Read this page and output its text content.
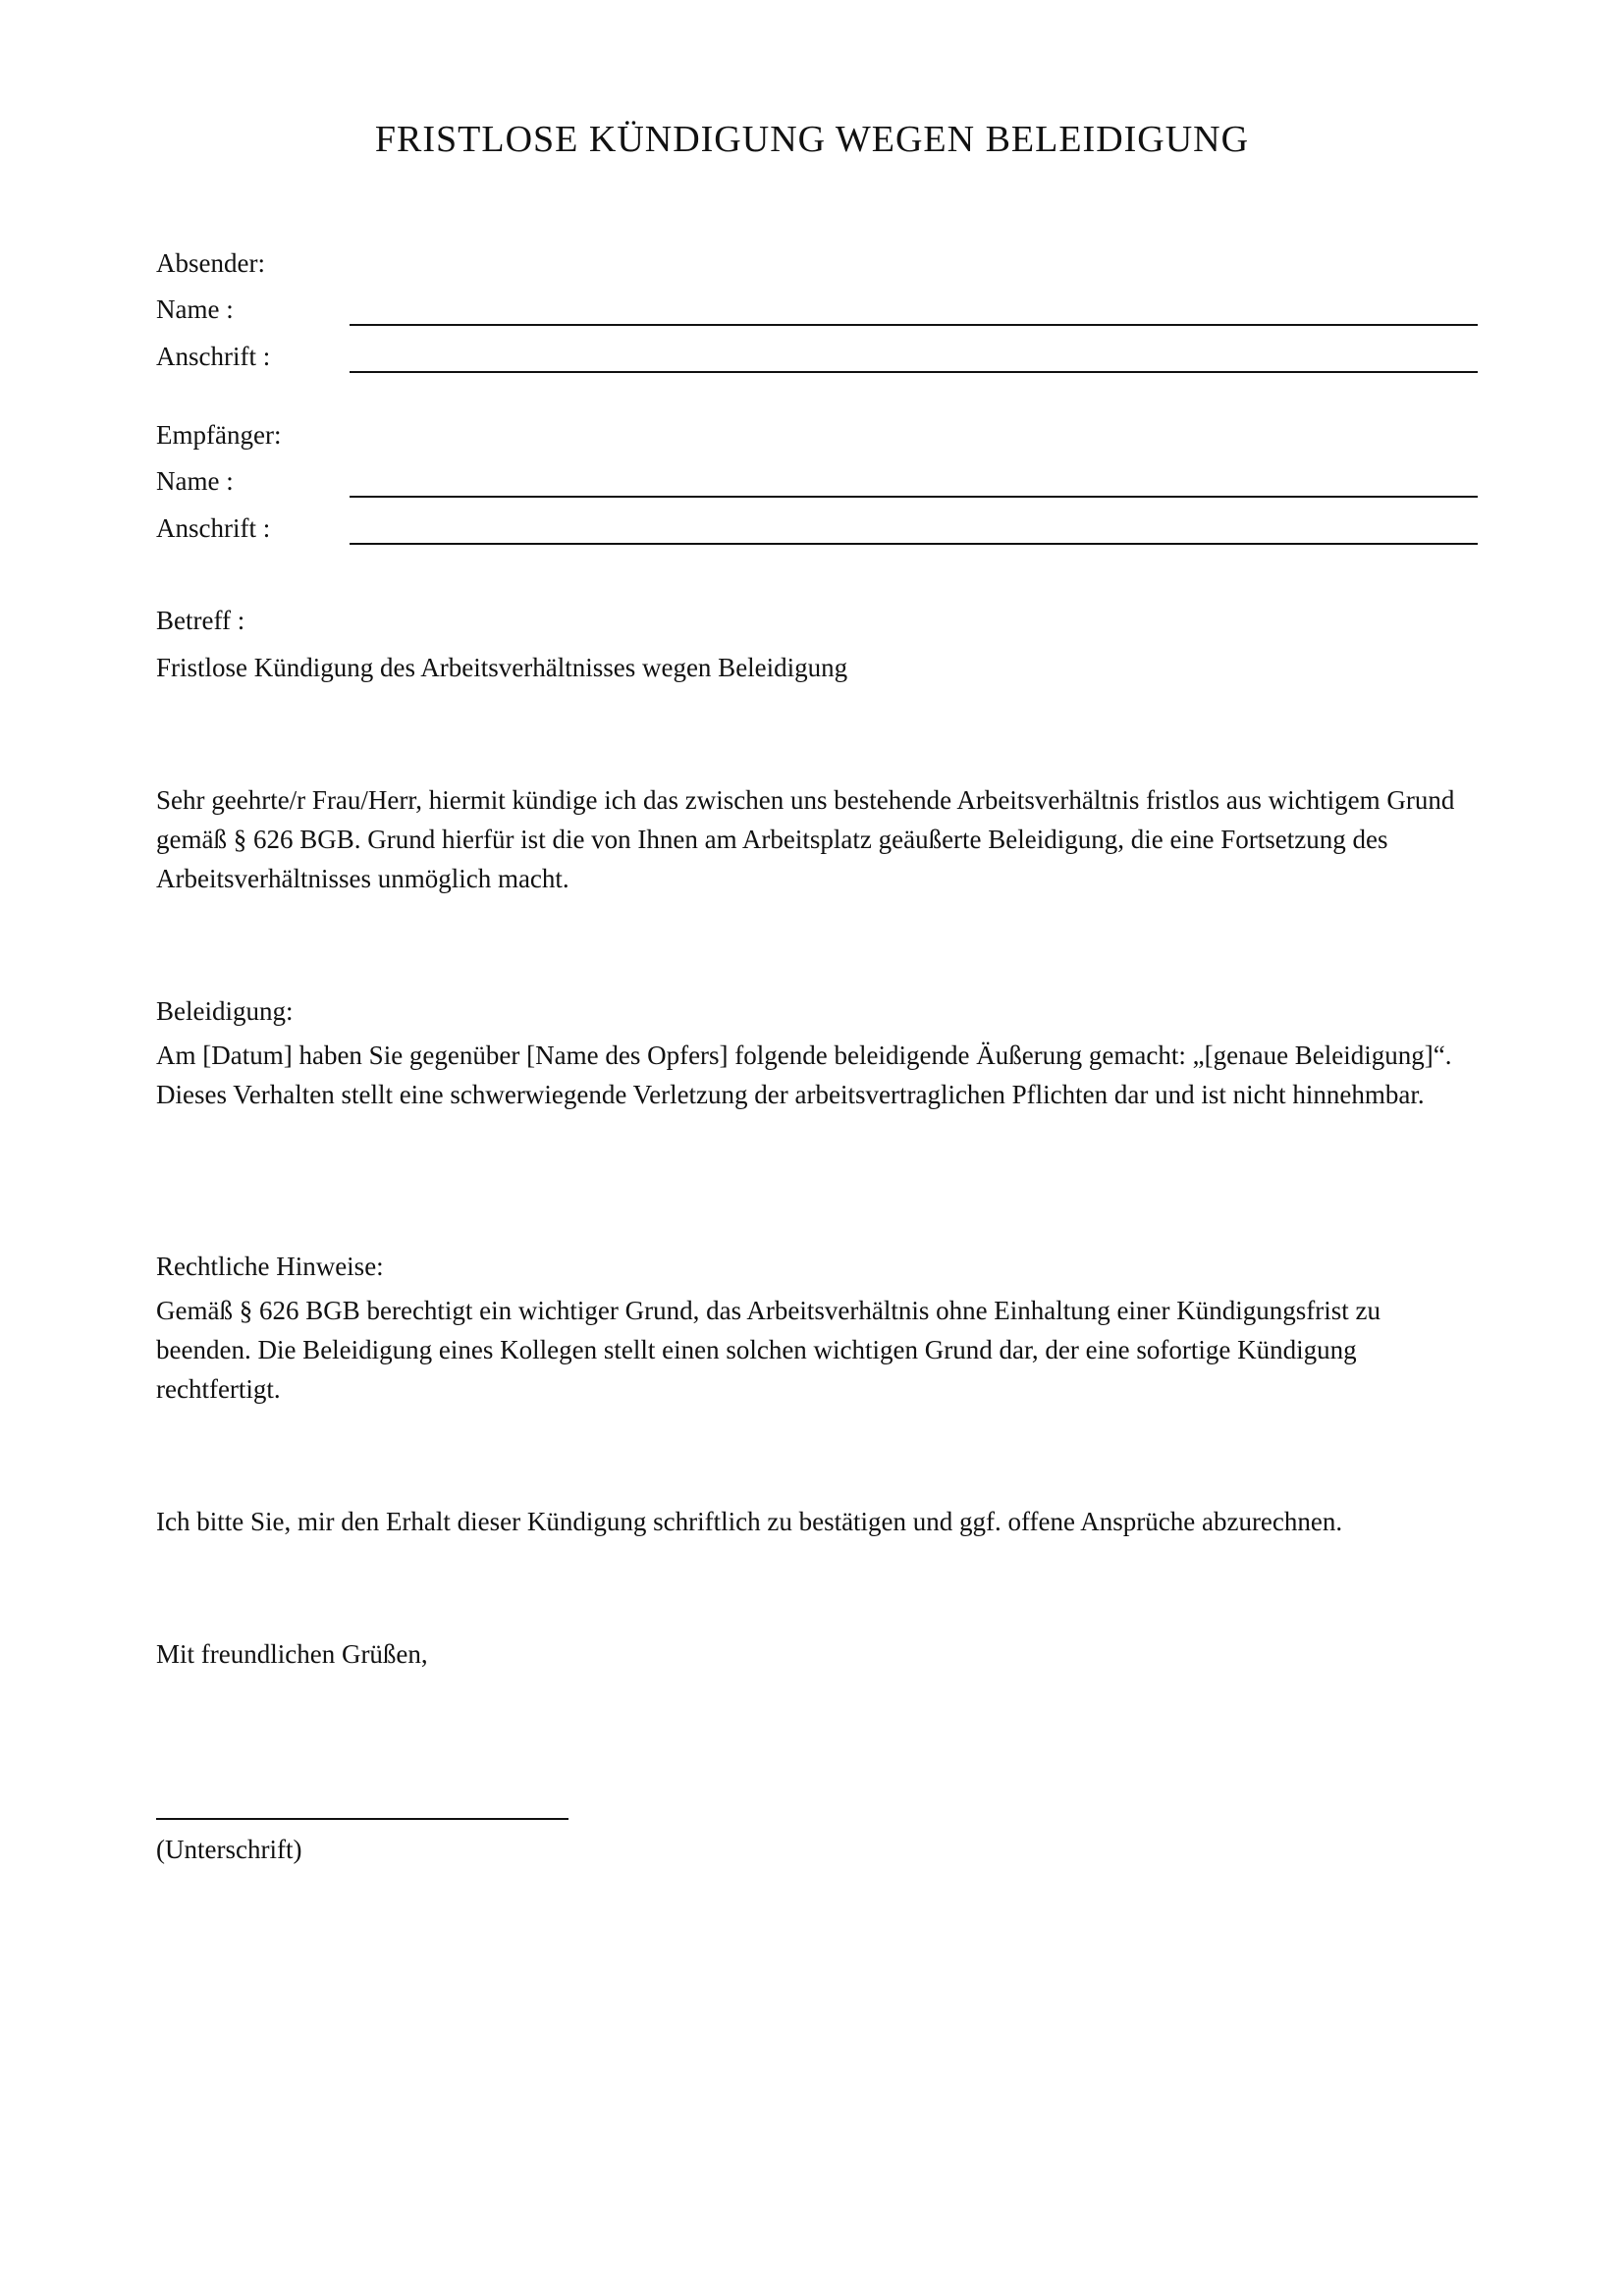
FRISTLOSE KÜNDIGUNG WEGEN BELEIDIGUNG

Absender:

Name :

Anschrift :

Empfänger:

Name :

Anschrift :

Betreff :

Fristlose Kündigung des Arbeitsverhältnisses wegen Beleidigung

Sehr geehrte/r Frau/Herr, hiermit kündige ich das zwischen uns bestehende Arbeitsverhältnis fristlos aus wichtigem Grund gemäß § 626 BGB. Grund hierfür ist die von Ihnen am Arbeitsplatz geäußerte Beleidigung, die eine Fortsetzung des Arbeitsverhältnisses unmöglich macht.

Beleidigung:

Am [Datum] haben Sie gegenüber [Name des Opfers] folgende beleidigende Äußerung gemacht: „[genaue Beleidigung]“. Dieses Verhalten stellt eine schwerwiegende Verletzung der arbeitsvertraglichen Pflichten dar und ist nicht hinnehmbar.

Rechtliche Hinweise:

Gemäß § 626 BGB berechtigt ein wichtiger Grund, das Arbeitsverhältnis ohne Einhaltung einer Kündigungsfrist zu beenden. Die Beleidigung eines Kollegen stellt einen solchen wichtigen Grund dar, der eine sofortige Kündigung rechtfertigt.

Ich bitte Sie, mir den Erhalt dieser Kündigung schriftlich zu bestätigen und ggf. offene Ansprüche abzurechnen.

Mit freundlichen Grüßen,

(Unterschrift)
